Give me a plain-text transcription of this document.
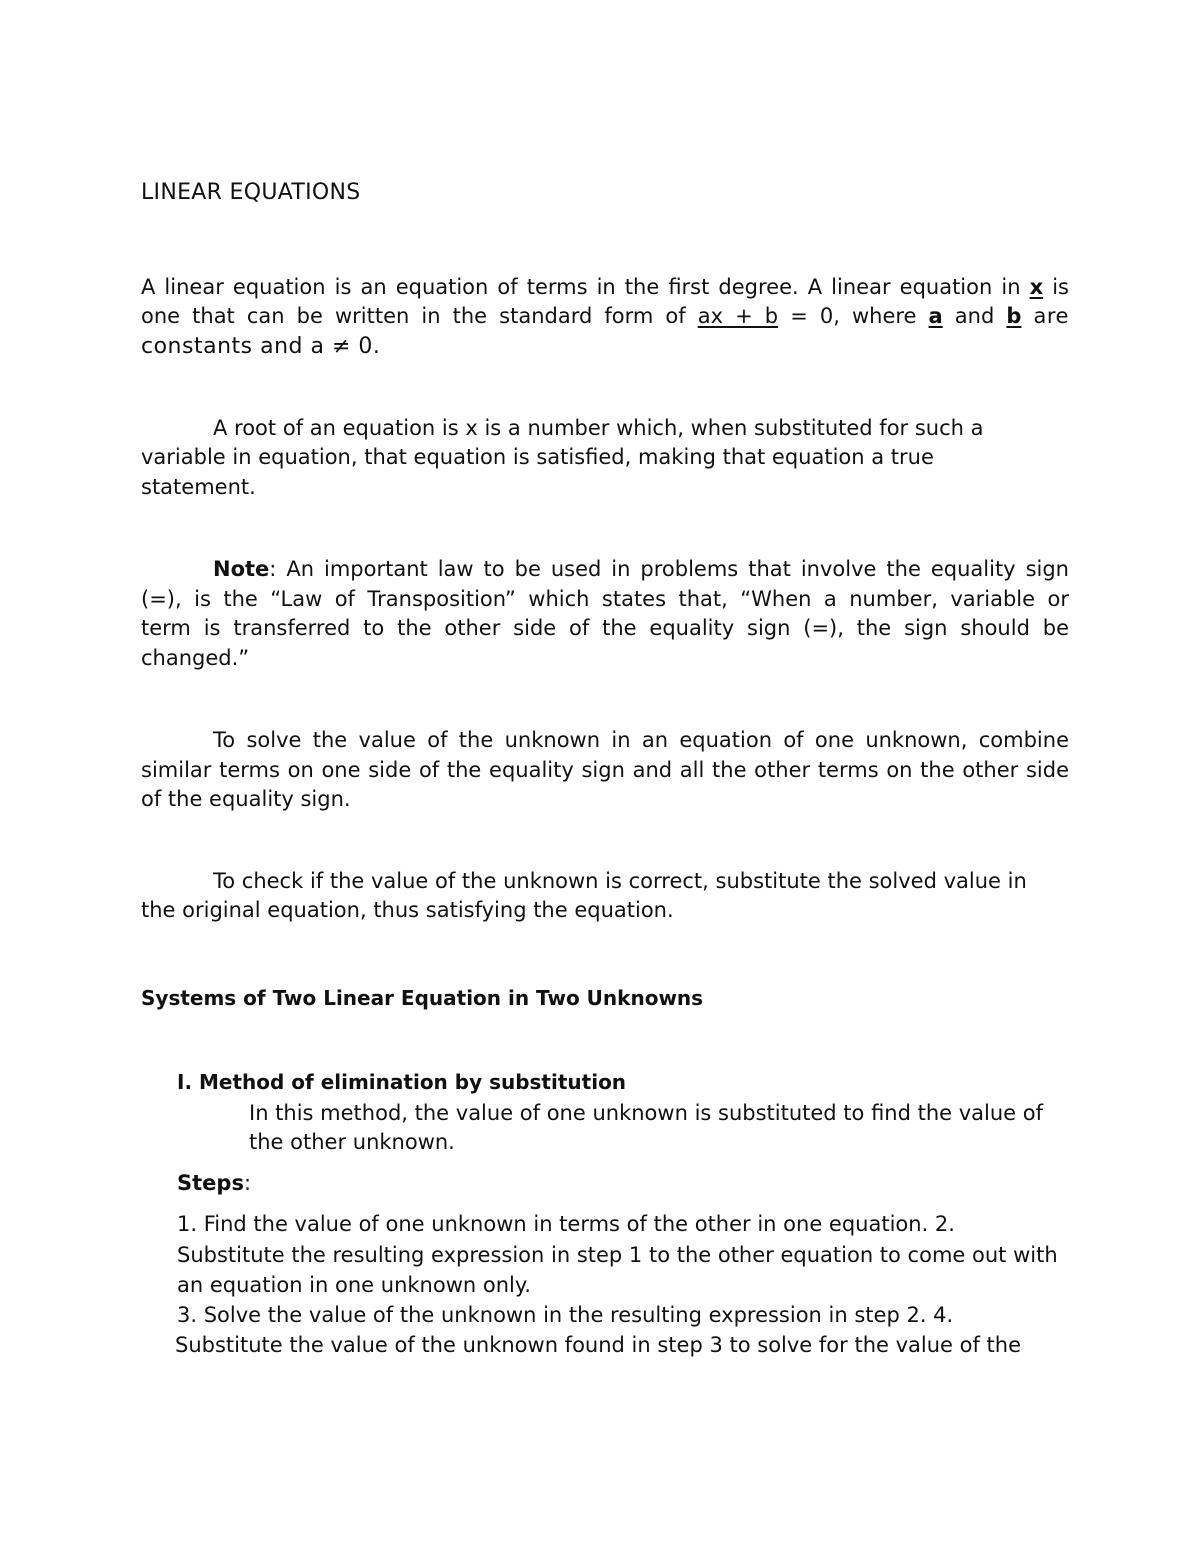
LINEAR EQUATIONS
A linear equation is an equation of terms in the first degree. A linear equation in x is
one that can be written in the standard form of ax + b = 0, where a and b are
constants and a ≠ 0.
A root of an equation is x is a number which, when substituted for such a
variable in equation, that equation is satisfied, making that equation a true
statement.
Note: An important law to be used in problems that involve the equality sign
(=), is the “Law of Transposition” which states that, “When a number, variable or
term is transferred to the other side of the equality sign (=), the sign should be
changed.”
To solve the value of the unknown in an equation of one unknown, combine
similar terms on one side of the equality sign and all the other terms on the other side
of the equality sign.
To check if the value of the unknown is correct, substitute the solved value in
the original equation, thus satisfying the equation.
Systems of Two Linear Equation in Two Unknowns
I. Method of elimination by substitution
In this method, the value of one unknown is substituted to find the value of
the other unknown.
Steps:
1. Find the value of one unknown in terms of the other in one equation. 2.
Substitute the resulting expression in step 1 to the other equation to come out with
an equation in one unknown only.
3. Solve the value of the unknown in the resulting expression in step 2. 4.
Substitute the value of the unknown found in step 3 to solve for the value of the
